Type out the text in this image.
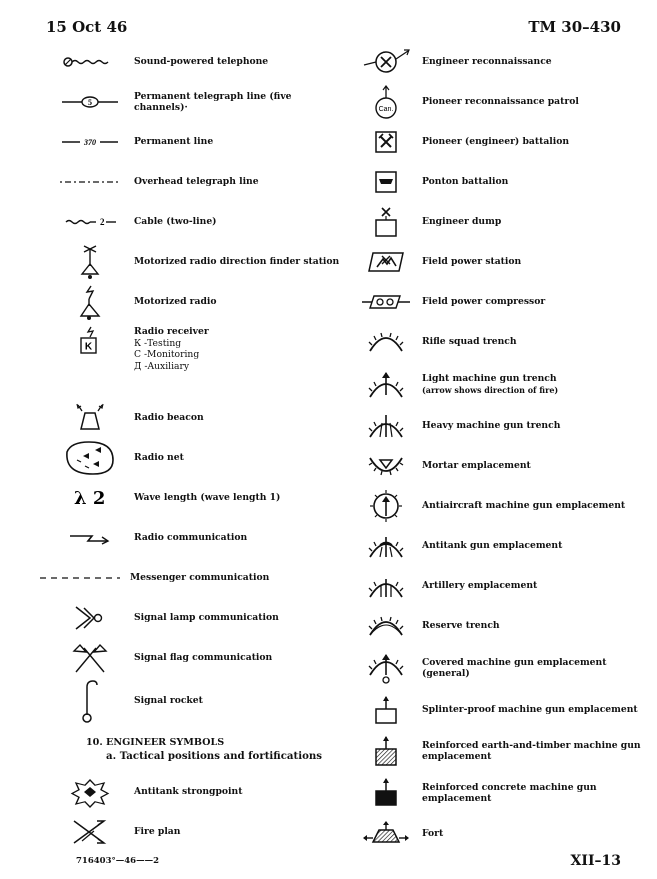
15 Oct 46	TM 30–430
Sound-powered telephone
5
Permanent telegraph line (five channels)·
370	Permanent line
Overhead telegraph line
2	Cable (two-line)
Motorized radio direction finder station
Motorized radio
K
Radio receiver
К -Testing
С -Monitoring
Д -Auxiliary
Radio beacon
Radio net
λ 2	Wave length (wave length 1)
Radio communication
Messenger communication
Signal lamp communication
Signal flag communication
Signal rocket
10. ENGINEER SYMBOLS
a. Tactical positions and fortifications
Antitank strongpoint
Fire plan
Engineer reconnaissance
Can.
Pioneer reconnaissance patrol
Pioneer (engineer) battalion
Ponton battalion
Engineer dump
Field power station
Field power compressor
Rifle squad trench
Light machine gun trench
(arrow shows direction of fire)
Heavy machine gun trench
Mortar emplacement
Antiaircraft machine gun emplacement
Antitank gun emplacement
Artillery emplacement
Reserve trench
Covered machine gun emplacement
(general)
Splinter-proof machine gun emplacement
Reinforced earth-and-timber machine gun
emplacement
Reinforced concrete machine gun
emplacement
Fort
716403°—46——2	XII–13
